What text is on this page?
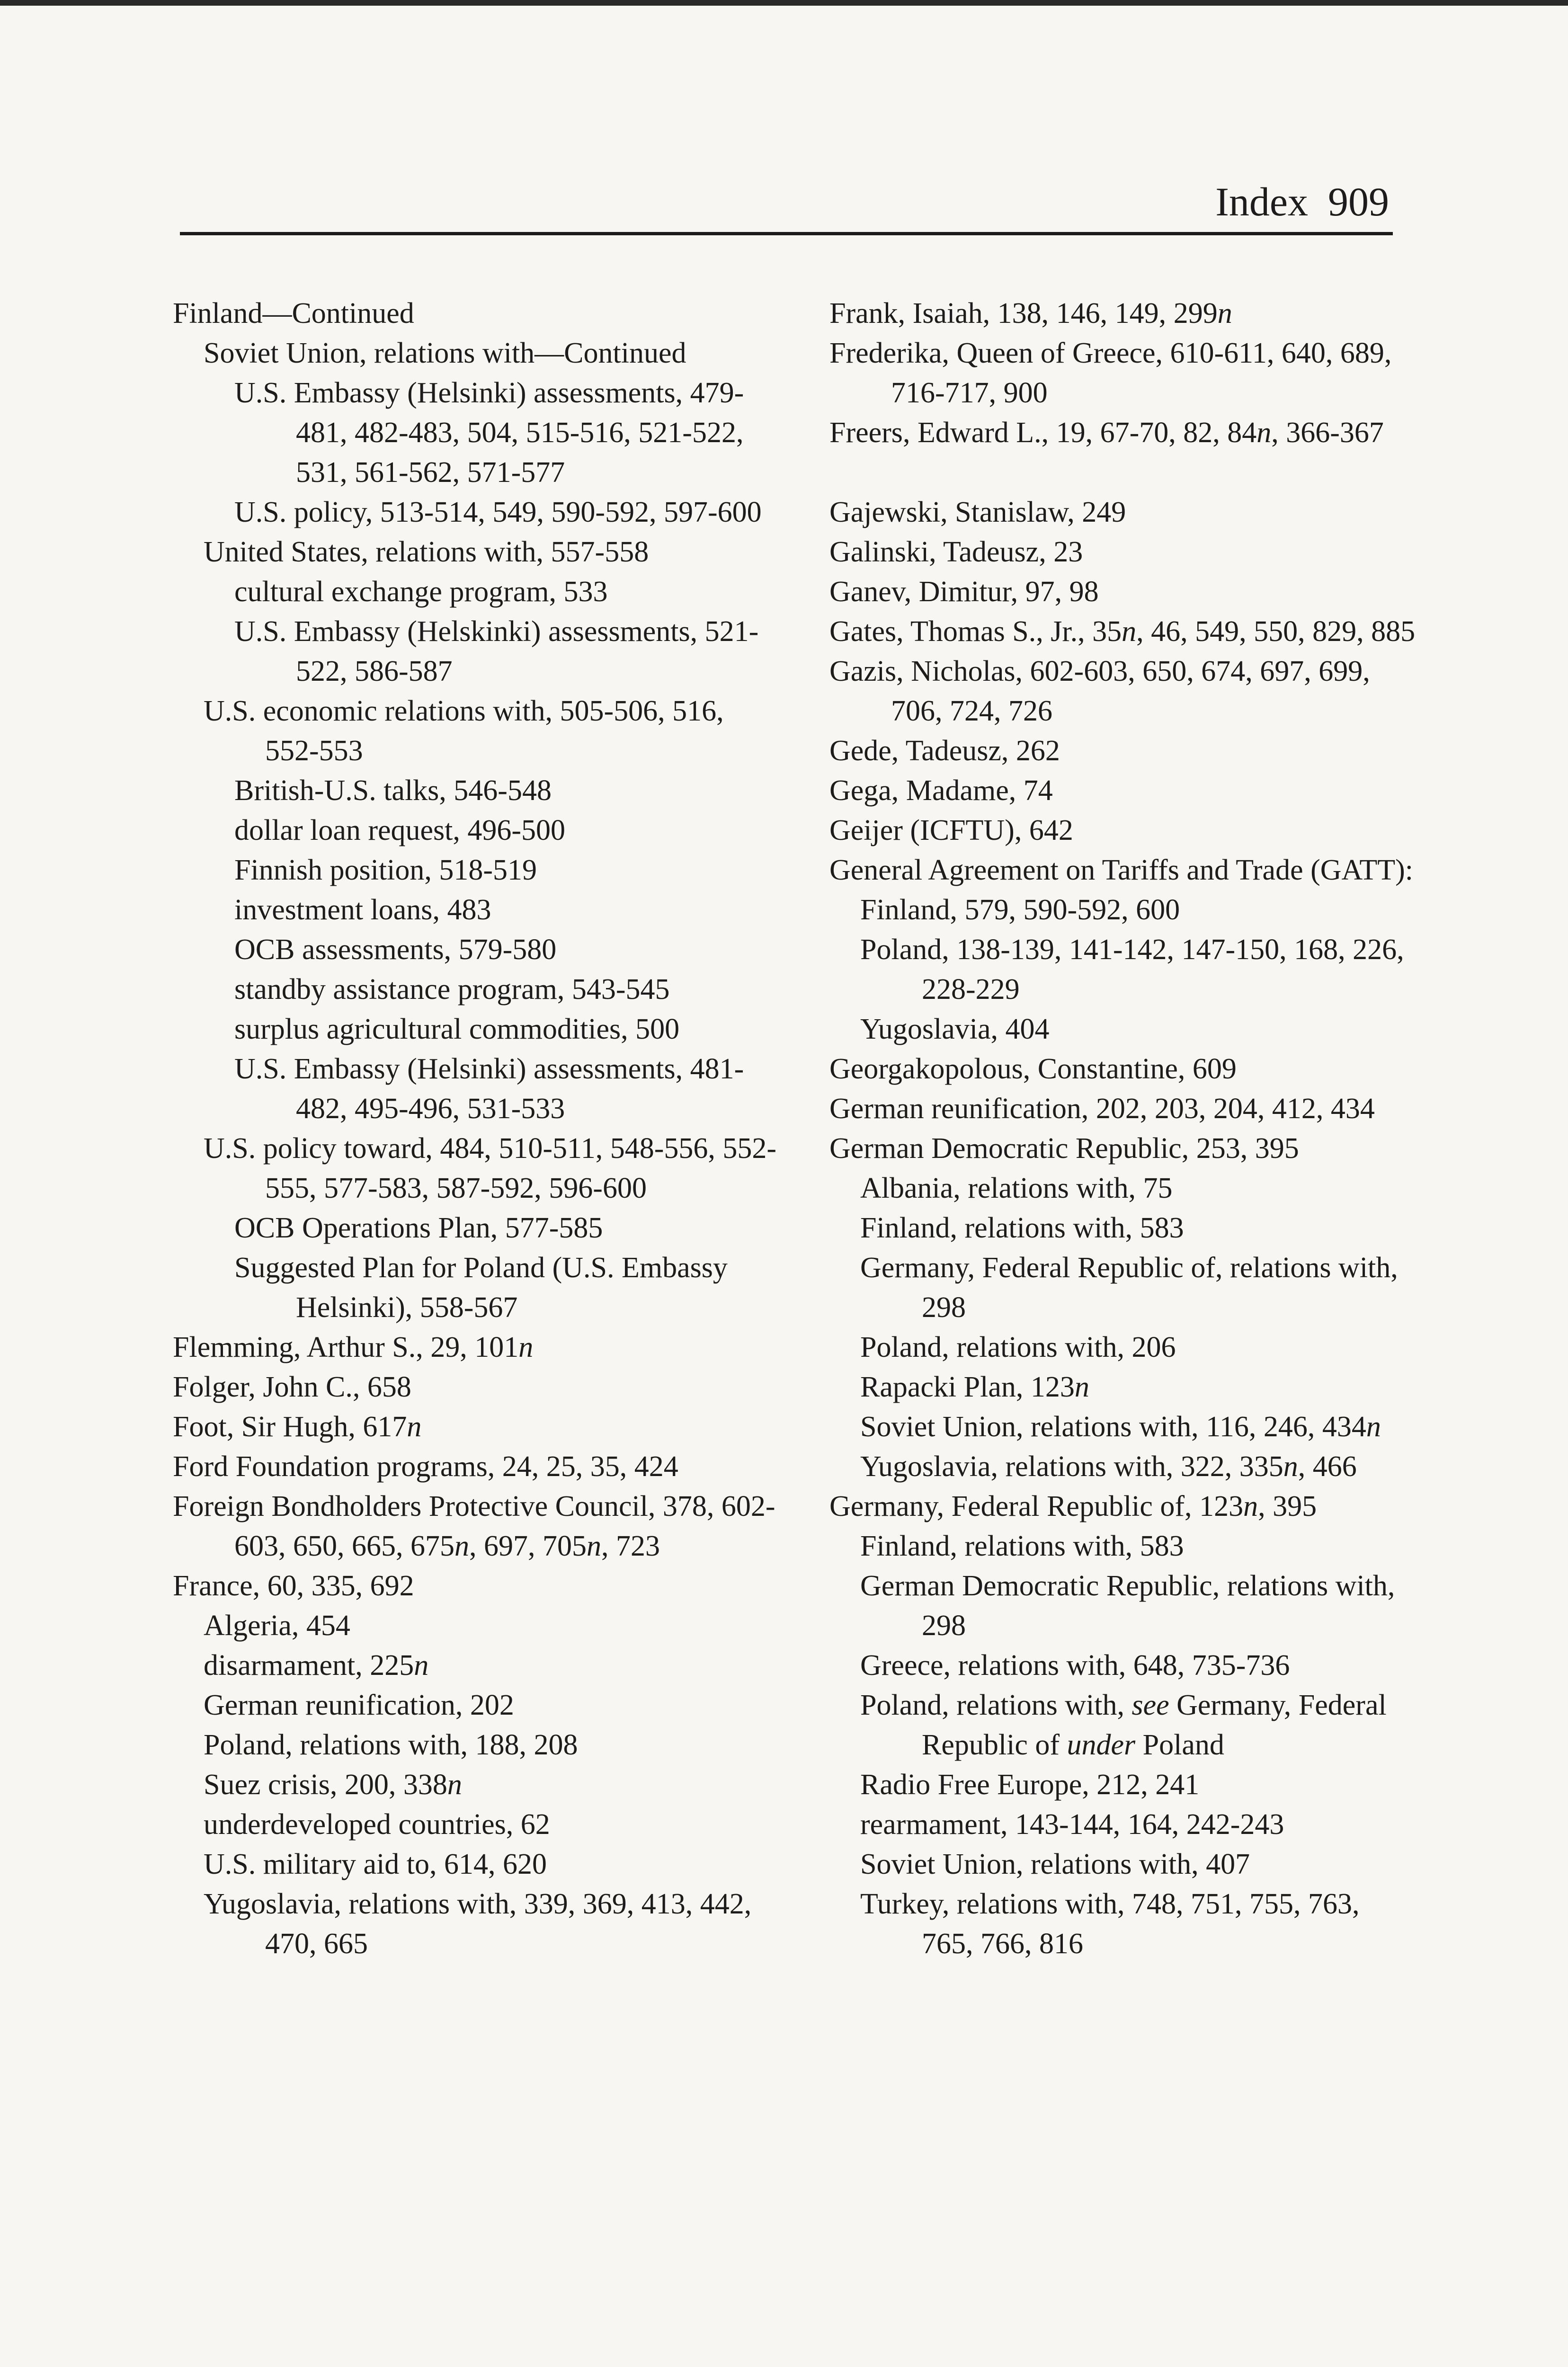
Index 909
Finland—Continued
Soviet Union, relations with—Continued
U.S. Embassy (Helsinki) assessments, 479-481, 482-483, 504, 515-516, 521-522, 531, 561-562, 571-577
U.S. policy, 513-514, 549, 590-592, 597-600
United States, relations with, 557-558
cultural exchange program, 533
U.S. Embassy (Helskinki) assessments, 521-522, 586-587
U.S. economic relations with, 505-506, 516, 552-553
British-U.S. talks, 546-548
dollar loan request, 496-500
Finnish position, 518-519
investment loans, 483
OCB assessments, 579-580
standby assistance program, 543-545
surplus agricultural commodities, 500
U.S. Embassy (Helsinki) assessments, 481-482, 495-496, 531-533
U.S. policy toward, 484, 510-511, 548-556, 552-555, 577-583, 587-592, 596-600
OCB Operations Plan, 577-585
Suggested Plan for Poland (U.S. Embassy Helsinki), 558-567
Flemming, Arthur S., 29, 101n
Folger, John C., 658
Foot, Sir Hugh, 617n
Ford Foundation programs, 24, 25, 35, 424
Foreign Bondholders Protective Council, 378, 602-603, 650, 665, 675n, 697, 705n, 723
France, 60, 335, 692
Algeria, 454
disarmament, 225n
German reunification, 202
Poland, relations with, 188, 208
Suez crisis, 200, 338n
underdeveloped countries, 62
U.S. military aid to, 614, 620
Yugoslavia, relations with, 339, 369, 413, 442, 470, 665
Frank, Isaiah, 138, 146, 149, 299n
Frederika, Queen of Greece, 610-611, 640, 689, 716-717, 900
Freers, Edward L., 19, 67-70, 82, 84n, 366-367
Gajewski, Stanislaw, 249
Galinski, Tadeusz, 23
Ganev, Dimitur, 97, 98
Gates, Thomas S., Jr., 35n, 46, 549, 550, 829, 885
Gazis, Nicholas, 602-603, 650, 674, 697, 699, 706, 724, 726
Gede, Tadeusz, 262
Gega, Madame, 74
Geijer (ICFTU), 642
General Agreement on Tariffs and Trade (GATT):
Finland, 579, 590-592, 600
Poland, 138-139, 141-142, 147-150, 168, 226, 228-229
Yugoslavia, 404
Georgakopolous, Constantine, 609
German reunification, 202, 203, 204, 412, 434
German Democratic Republic, 253, 395
Albania, relations with, 75
Finland, relations with, 583
Germany, Federal Republic of, relations with, 298
Poland, relations with, 206
Rapacki Plan, 123n
Soviet Union, relations with, 116, 246, 434n
Yugoslavia, relations with, 322, 335n, 466
Germany, Federal Republic of, 123n, 395
Finland, relations with, 583
German Democratic Republic, relations with, 298
Greece, relations with, 648, 735-736
Poland, relations with, see Germany, Federal Republic of under Poland
Radio Free Europe, 212, 241
rearmament, 143-144, 164, 242-243
Soviet Union, relations with, 407
Turkey, relations with, 748, 751, 755, 763, 765, 766, 816
